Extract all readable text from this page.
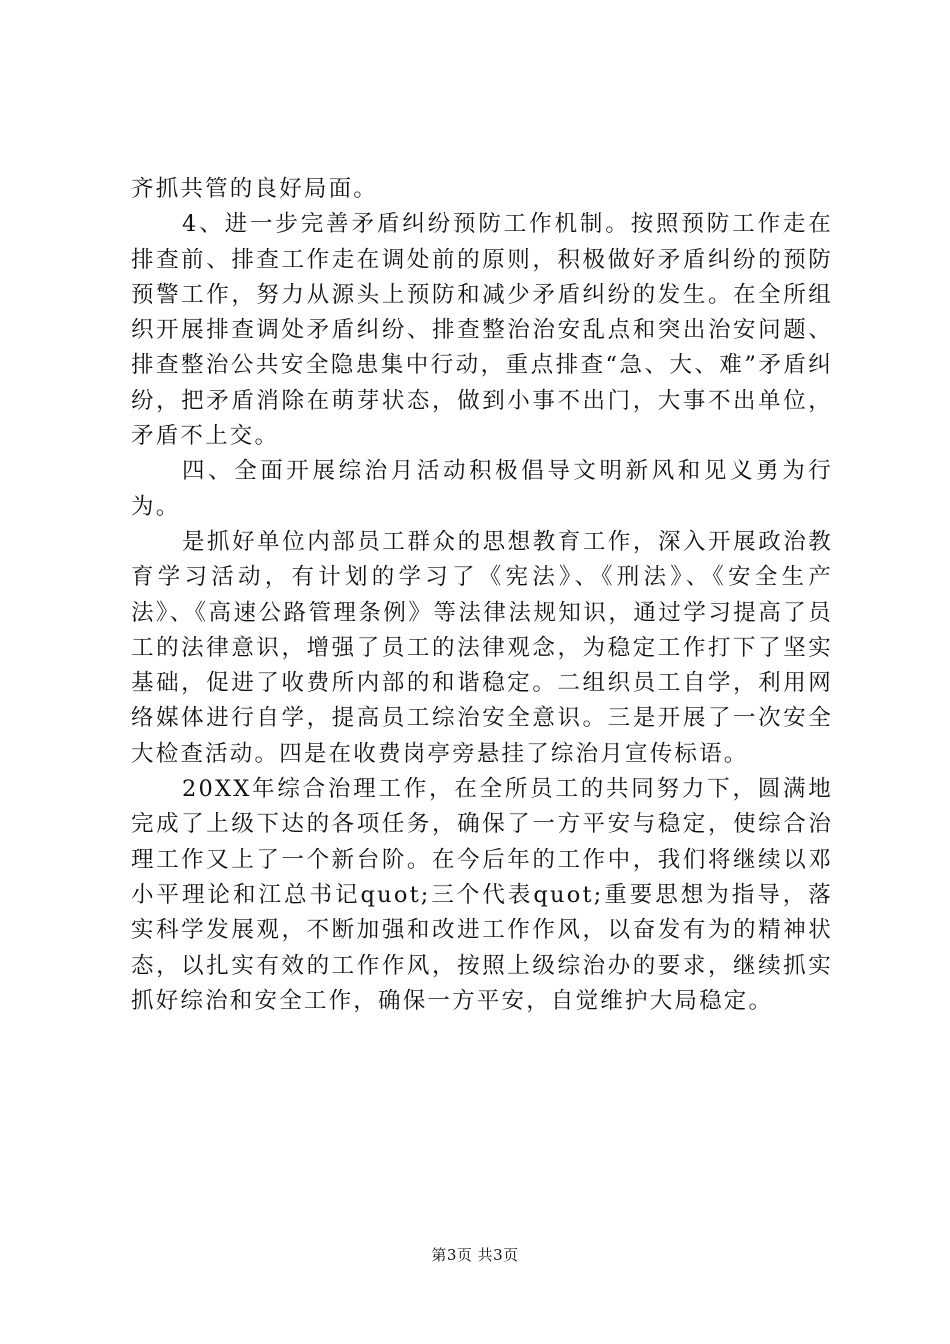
齐抓共管的良好局面。

4、进一步完善矛盾纠纷预防工作机制。按照预防工作走在排查前、排查工作走在调处前的原则，积极做好矛盾纠纷的预防预警工作，努力从源头上预防和减少矛盾纠纷的发生。在全所组织开展排查调处矛盾纠纷、排查整治治安乱点和突出治安问题、排查整治公共安全隐患集中行动，重点排查“急、大、难”矛盾纠纷，把矛盾消除在萌芽状态，做到小事不出门，大事不出单位，矛盾不上交。

四、全面开展综治月活动积极倡导文明新风和见义勇为行为。

是抓好单位内部员工群众的思想教育工作，深入开展政治教育学习活动，有计划的学习了《宪法》、《刑法》、《安全生产法》、《高速公路管理条例》等法律法规知识，通过学习提高了员工的法律意识，增强了员工的法律观念，为稳定工作打下了坚实基础，促进了收费所内部的和谐稳定。二组织员工自学，利用网络媒体进行自学，提高员工综治安全意识。三是开展了一次安全大检查活动。四是在收费岗亭旁悬挂了综治月宣传标语。

20XX年综合治理工作，在全所员工的共同努力下，圆满地完成了上级下达的各项任务，确保了一方平安与稳定，使综合治理工作又上了一个新台阶。在今后年的工作中，我们将继续以邓小平理论和江总书记quot;三个代表quot;重要思想为指导，落实科学发展观，不断加强和改进工作作风，以奋发有为的精神状态，以扎实有效的工作作风，按照上级综治办的要求，继续抓实抓好综治和安全工作，确保一方平安，自觉维护大局稳定。

第3页 共3页
